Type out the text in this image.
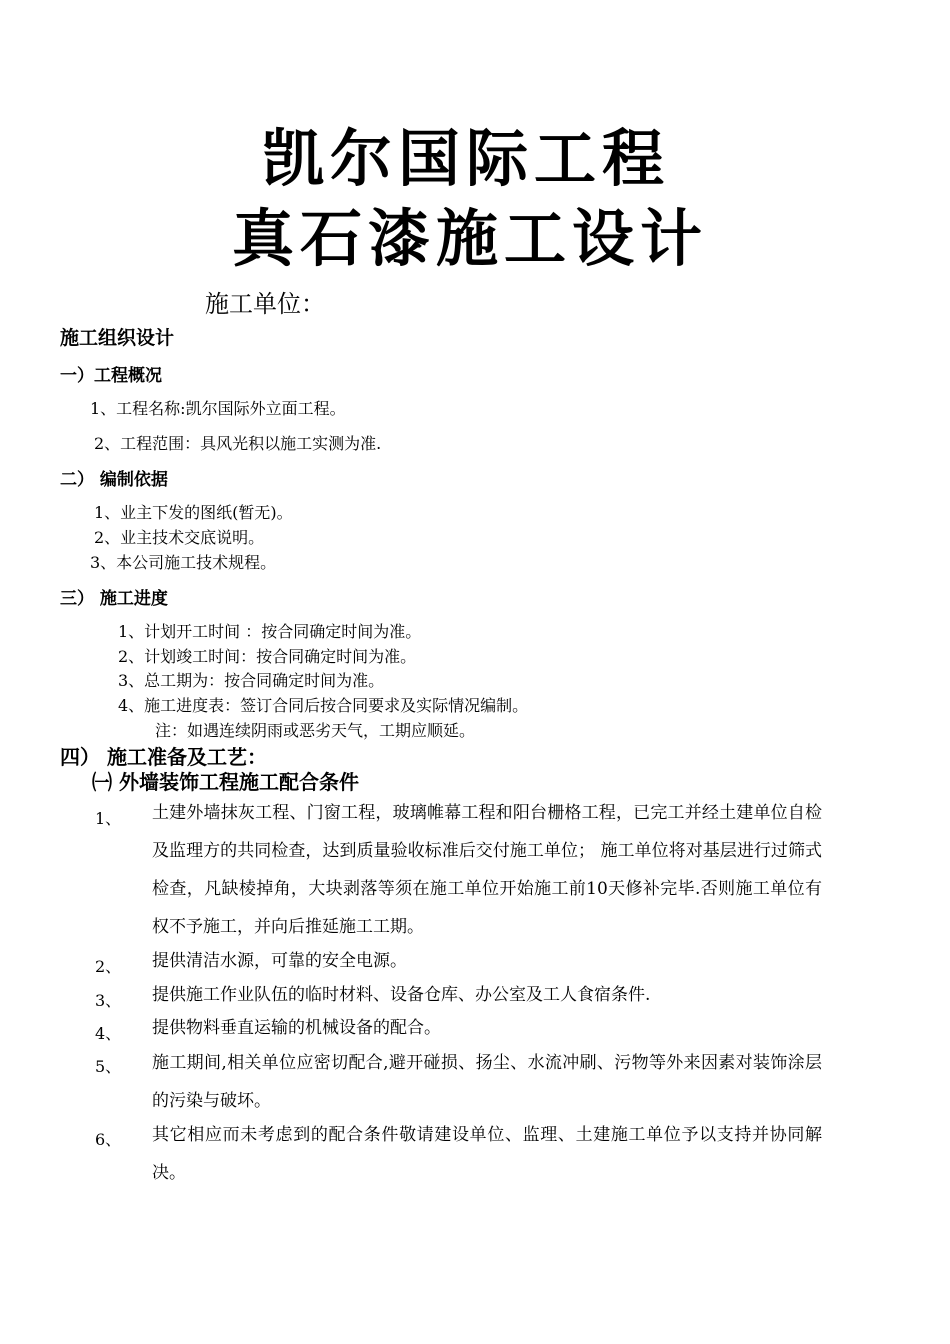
凯尔国际工程
真石漆施工设计
施工单位：
施工组织设计
一）工程概况
1、工程名称:凯尔国际外立面工程。
2、工程范围：具风光积以施工实测为准.
二） 编制依据
1、业主下发的图纸(暂无)。
2、业主技术交底说明。
3、本公司施工技术规程。
三） 施工进度
1、计划开工时间 ：按合同确定时间为准。
2、计划竣工时间：按合同确定时间为准。
3、总工期为：按合同确定时间为准。
4、施工进度表：签订合同后按合同要求及实际情况编制。
注：如遇连续阴雨或恶劣天气，工期应顺延。
四） 施工准备及工艺：
㈠ 外墙装饰工程施工配合条件
1、 土建外墙抹灰工程、门窗工程，玻璃帷幕工程和阳台栅格工程，已完工并经土建单位自检及监理方的共同检查，达到质量验收标准后交付施工单位； 施工单位将对基层进行过筛式检查，凡缺棱掉角，大块剥落等须在施工单位开始施工前10天修补完毕.否则施工单位有权不予施工，并向后推延施工工期。
2、 提供清洁水源，可靠的安全电源。
3、 提供施工作业队伍的临时材料、设备仓库、办公室及工人食宿条件.
4、 提供物料垂直运输的机械设备的配合。
5、 施工期间,相关单位应密切配合,避开碰损、扬尘、水流冲刷、污物等外来因素对装饰涂层的污染与破坏。
6、 其它相应而未考虑到的配合条件敬请建设单位、监理、土建施工单位予以支持并协同解决。
